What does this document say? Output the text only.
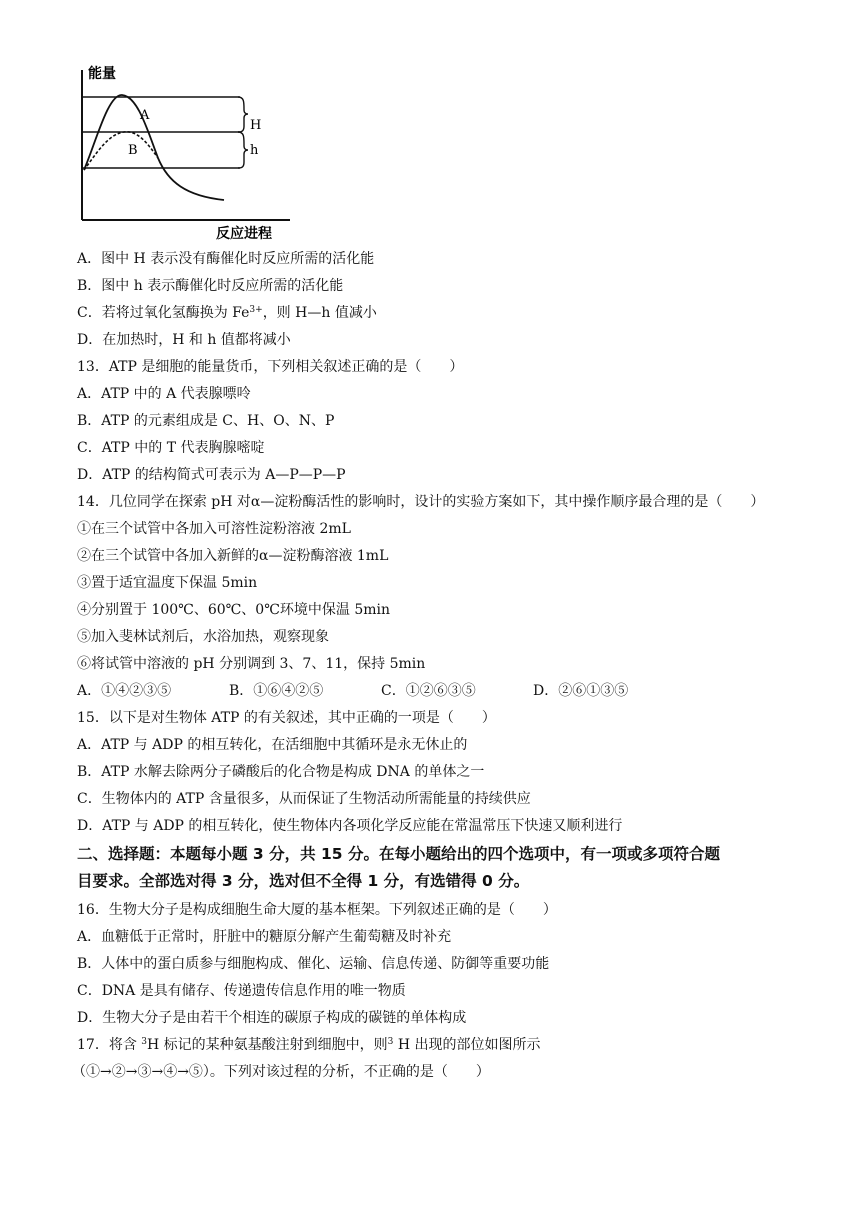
能量
反应进程
A
B
H
h
A．图中 H 表示没有酶催化时反应所需的活化能
B．图中 h 表示酶催化时反应所需的活化能
C．若将过氧化氢酶换为 $Fe^{3+}$，则 H—h 值减小
D．在加热时，H 和 h 值都将减小
13．ATP 是细胞的能量货币，下列相关叙述正确的是（　　）
A．ATP 中的 A 代表腺嘌呤
B．ATP 的元素组成是 C、H、O、N、P
C．ATP 中的 T 代表胸腺嘧啶
D．ATP 的结构简式可表示为 A—P—P—P
14．几位同学在探索 pH 对α—淀粉酶活性的影响时，设计的实验方案如下，其中操作顺序最合理的是（　　）
①在三个试管中各加入可溶性淀粉溶液 2mL
②在三个试管中各加入新鲜的α—淀粉酶溶液 1mL
③置于适宜温度下保温 5min
④分别置于 100℃、60℃、0℃环境中保温 5min
⑤加入斐林试剂后，水浴加热，观察现象
⑥将试管中溶液的 pH 分别调到 3、7、11，保持 5min
A．①④②③⑤	B．①⑥④②⑤	C．①②⑥③⑤	D．②⑥①③⑤
15．以下是对生物体 ATP 的有关叙述，其中正确的一项是（　　）
A．ATP 与 ADP 的相互转化，在活细胞中其循环是永无休止的
B．ATP 水解去除两分子磷酸后的化合物是构成 DNA 的单体之一
C．生物体内的 ATP 含量很多，从而保证了生物活动所需能量的持续供应
D．ATP 与 ADP 的相互转化，使生物体内各项化学反应能在常温常压下快速又顺利进行
二、选择题：本题每小题 3 分，共 15 分。在每小题给出的四个选项中，有一项或多项符合题
目要求。全部选对得 3 分，选对但不全得 1 分，有选错得 0 分。
16．生物大分子是构成细胞生命大厦的基本框架。下列叙述正确的是（　　）
A．血糖低于正常时，肝脏中的糖原分解产生葡萄糖及时补充
B．人体中的蛋白质参与细胞构成、催化、运输、信息传递、防御等重要功能
C．DNA 是具有储存、传递遗传信息作用的唯一物质
D．生物大分子是由若干个相连的碳原子构成的碳链的单体构成
17．将含 $^3$H 标记的某种氨基酸注射到细胞中，则$^3$ H 出现的部位如图所示
（①→②→③→④→⑤）。下列对该过程的分析，不正确的是（　　）
